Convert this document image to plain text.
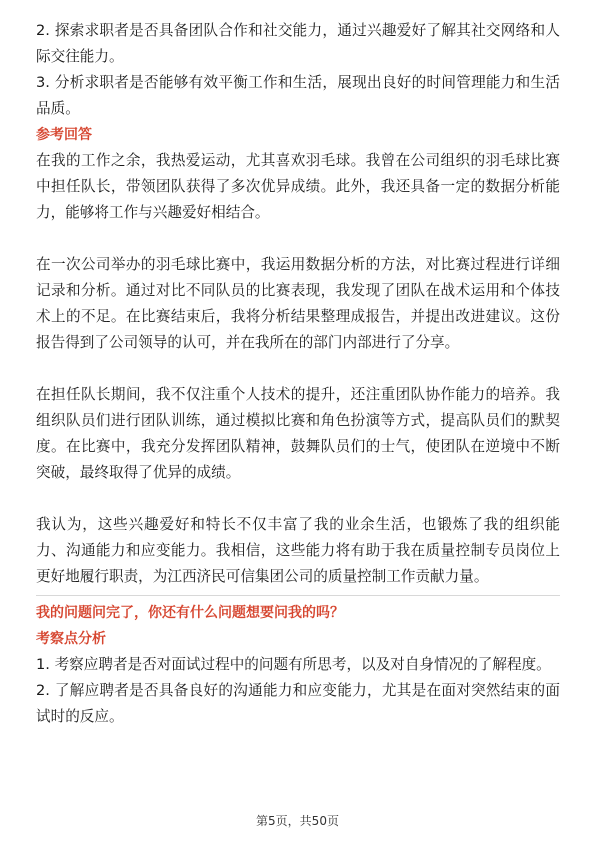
2. 探索求职者是否具备团队合作和社交能力，通过兴趣爱好了解其社交网络和人际交往能力。

3. 分析求职者是否能够有效平衡工作和生活，展现出良好的时间管理能力和生活品质。

参考回答

在我的工作之余，我热爱运动，尤其喜欢羽毛球。我曾在公司组织的羽毛球比赛中担任队长，带领团队获得了多次优异成绩。此外，我还具备一定的数据分析能力，能够将工作与兴趣爱好相结合。

在一次公司举办的羽毛球比赛中，我运用数据分析的方法，对比赛过程进行详细记录和分析。通过对比不同队员的比赛表现，我发现了团队在战术运用和个体技术上的不足。在比赛结束后，我将分析结果整理成报告，并提出改进建议。这份报告得到了公司领导的认可，并在我所在的部门内部进行了分享。

在担任队长期间，我不仅注重个人技术的提升，还注重团队协作能力的培养。我组织队员们进行团队训练，通过模拟比赛和角色扮演等方式，提高队员们的默契度。在比赛中，我充分发挥团队精神，鼓舞队员们的士气，使团队在逆境中不断突破，最终取得了优异的成绩。

我认为，这些兴趣爱好和特长不仅丰富了我的业余生活，也锻炼了我的组织能力、沟通能力和应变能力。我相信，这些能力将有助于我在质量控制专员岗位上更好地履行职责，为江西济民可信集团公司的质量控制工作贡献力量。

我的问题问完了，你还有什么问题想要问我的吗？

考察点分析

1. 考察应聘者是否对面试过程中的问题有所思考，以及对自身情况的了解程度。

2. 了解应聘者是否具备良好的沟通能力和应变能力，尤其是在面对突然结束的面试时的反应。

第5页，共50页
